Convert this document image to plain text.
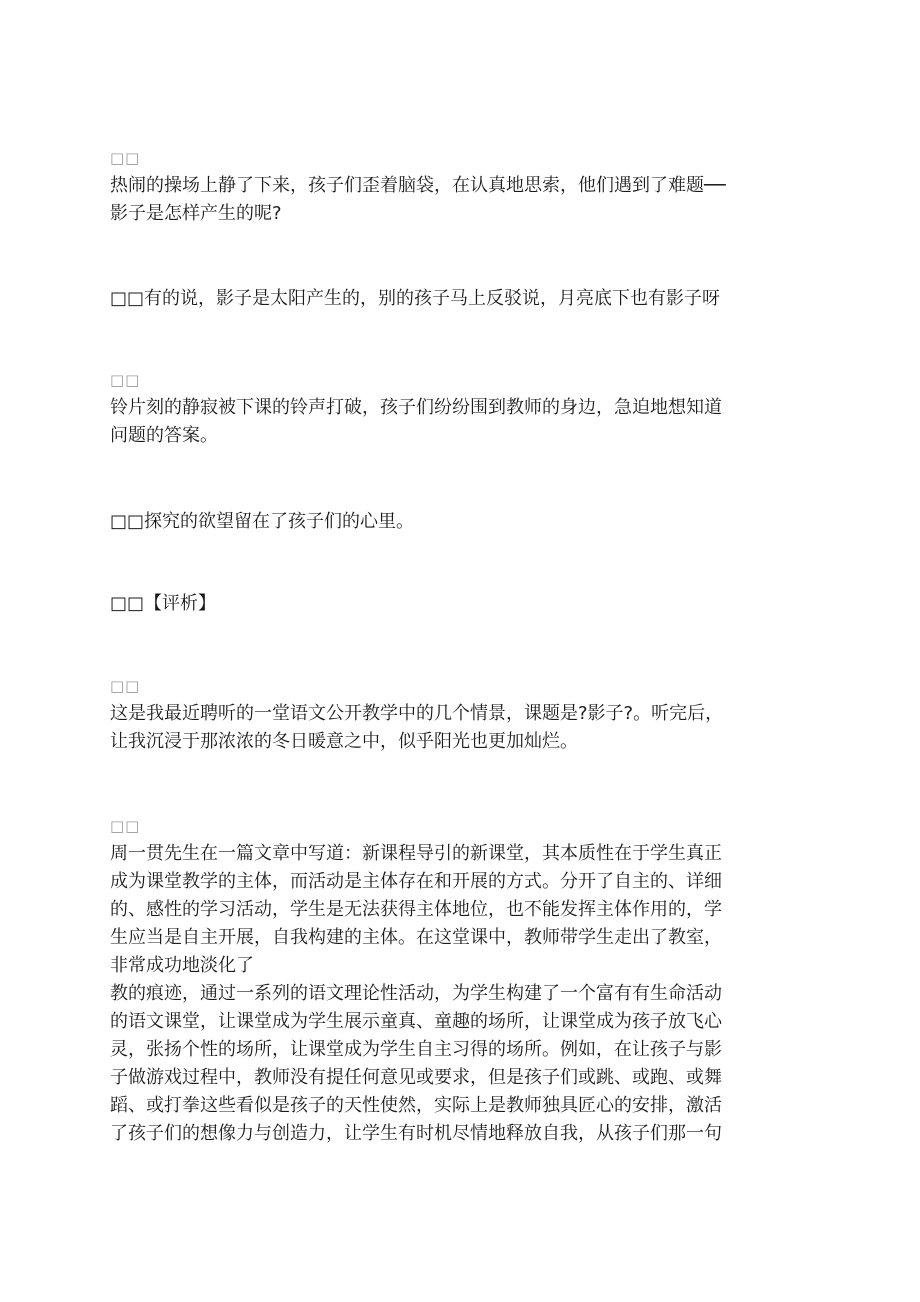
□□
热闹的操场上静了下来，孩子们歪着脑袋，在认真地思索，他们遇到了难题──
影子是怎样产生的呢?

□□有的说，影子是太阳产生的，别的孩子马上反驳说，月亮底下也有影子呀

□□
铃片刻的静寂被下课的铃声打破，孩子们纷纷围到教师的身边，急迫地想知道
问题的答案。

□□探究的欲望留在了孩子们的心里。

□□【评析】

□□
这是我最近聘听的一堂语文公开教学中的几个情景，课题是?影子?。听完后，
让我沉浸于那浓浓的冬日暖意之中，似乎阳光也更加灿烂。

□□
周一贯先生在一篇文章中写道：新课程导引的新课堂，其本质性在于学生真正
成为课堂教学的主体，而活动是主体存在和开展的方式。分开了自主的、详细
的、感性的学习活动，学生是无法获得主体地位，也不能发挥主体作用的，学
生应当是自主开展，自我构建的主体。在这堂课中，教师带学生走出了教室，
非常成功地淡化了
教的痕迹，通过一系列的语文理论性活动，为学生构建了一个富有有生命活动
的语文课堂，让课堂成为学生展示童真、童趣的场所，让课堂成为孩子放飞心
灵，张扬个性的场所，让课堂成为学生自主习得的场所。例如，在让孩子与影
子做游戏过程中，教师没有提任何意见或要求，但是孩子们或跳、或跑、或舞
蹈、或打拳这些看似是孩子的天性使然，实际上是教师独具匠心的安排，激活
了孩子们的想像力与创造力，让学生有时机尽情地释放自我，从孩子们那一句
